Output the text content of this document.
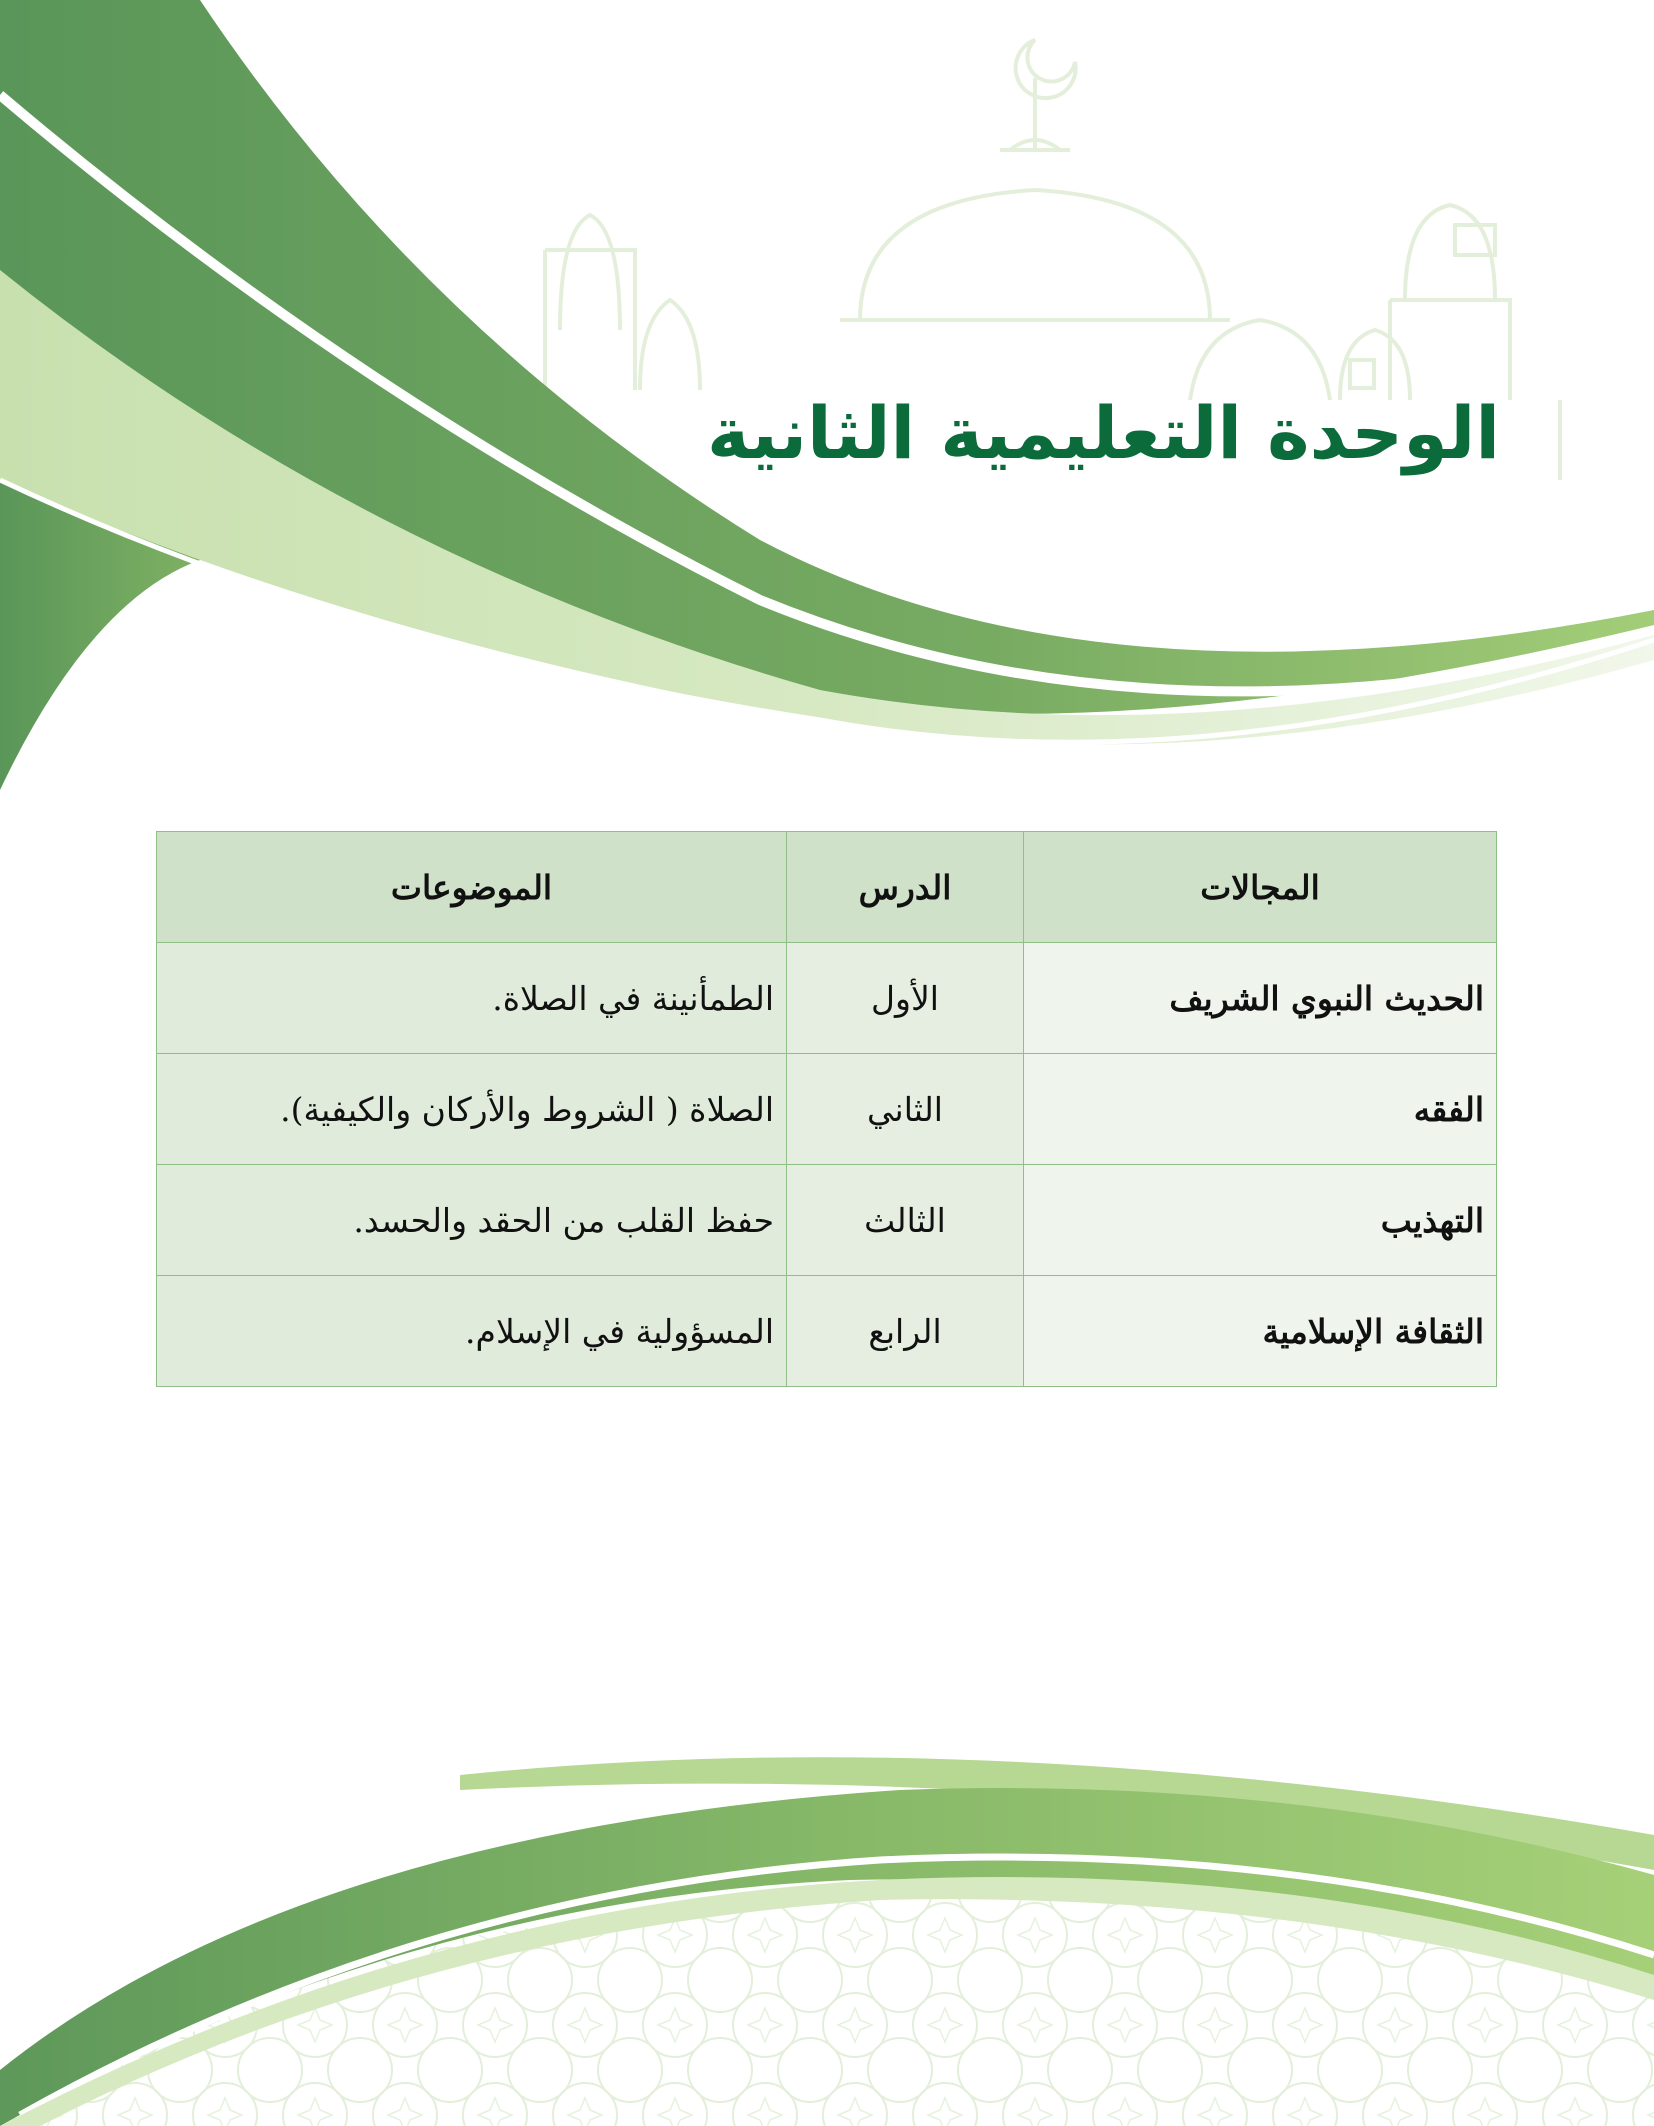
الوحدة التعليمية الثانية
المجالات	الدرس	الموضوعات
الحديث النبوي الشريف	الأول	الطمأنينة في الصلاة.
الفقه	الثاني	الصلاة ( الشروط والأركان والكيفية).
التهذيب	الثالث	حفظ القلب من الحقد والحسد.
الثقافة الإسلامية	الرابع	المسؤولية في الإسلام.
